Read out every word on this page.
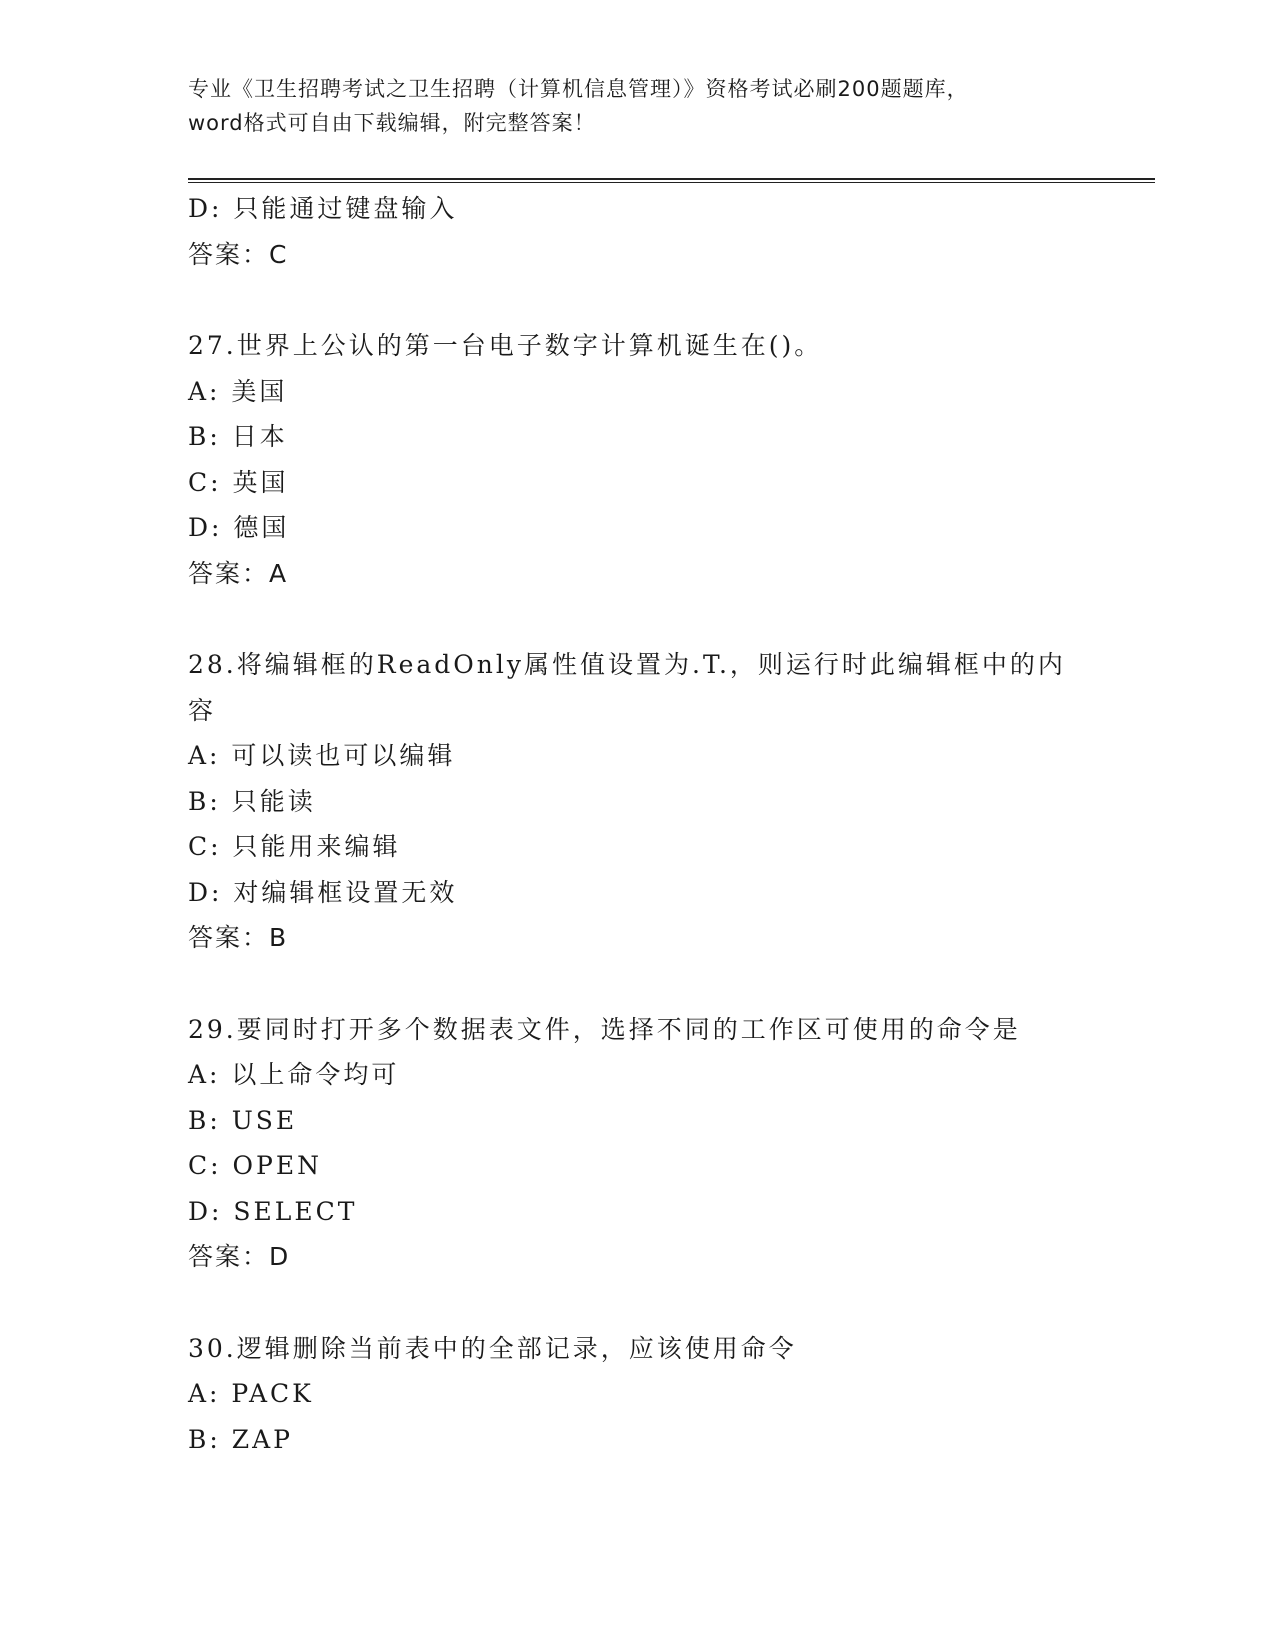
专业《卫生招聘考试之卫生招聘（计算机信息管理）》资格考试必刷200题题库，
word格式可自由下载编辑，附完整答案！
D: 只能通过键盘输入
答案：C
27.世界上公认的第一台电子数字计算机诞生在()。
A: 美国
B: 日本
C: 英国
D: 德国
答案：A
28.将编辑框的ReadOnly属性值设置为.T.，则运行时此编辑框中的内容
A: 可以读也可以编辑
B: 只能读
C: 只能用来编辑
D: 对编辑框设置无效
答案：B
29.要同时打开多个数据表文件，选择不同的工作区可使用的命令是
A: 以上命令均可
B: USE
C: OPEN
D: SELECT
答案：D
30.逻辑删除当前表中的全部记录，应该使用命令
A: PACK
B: ZAP
